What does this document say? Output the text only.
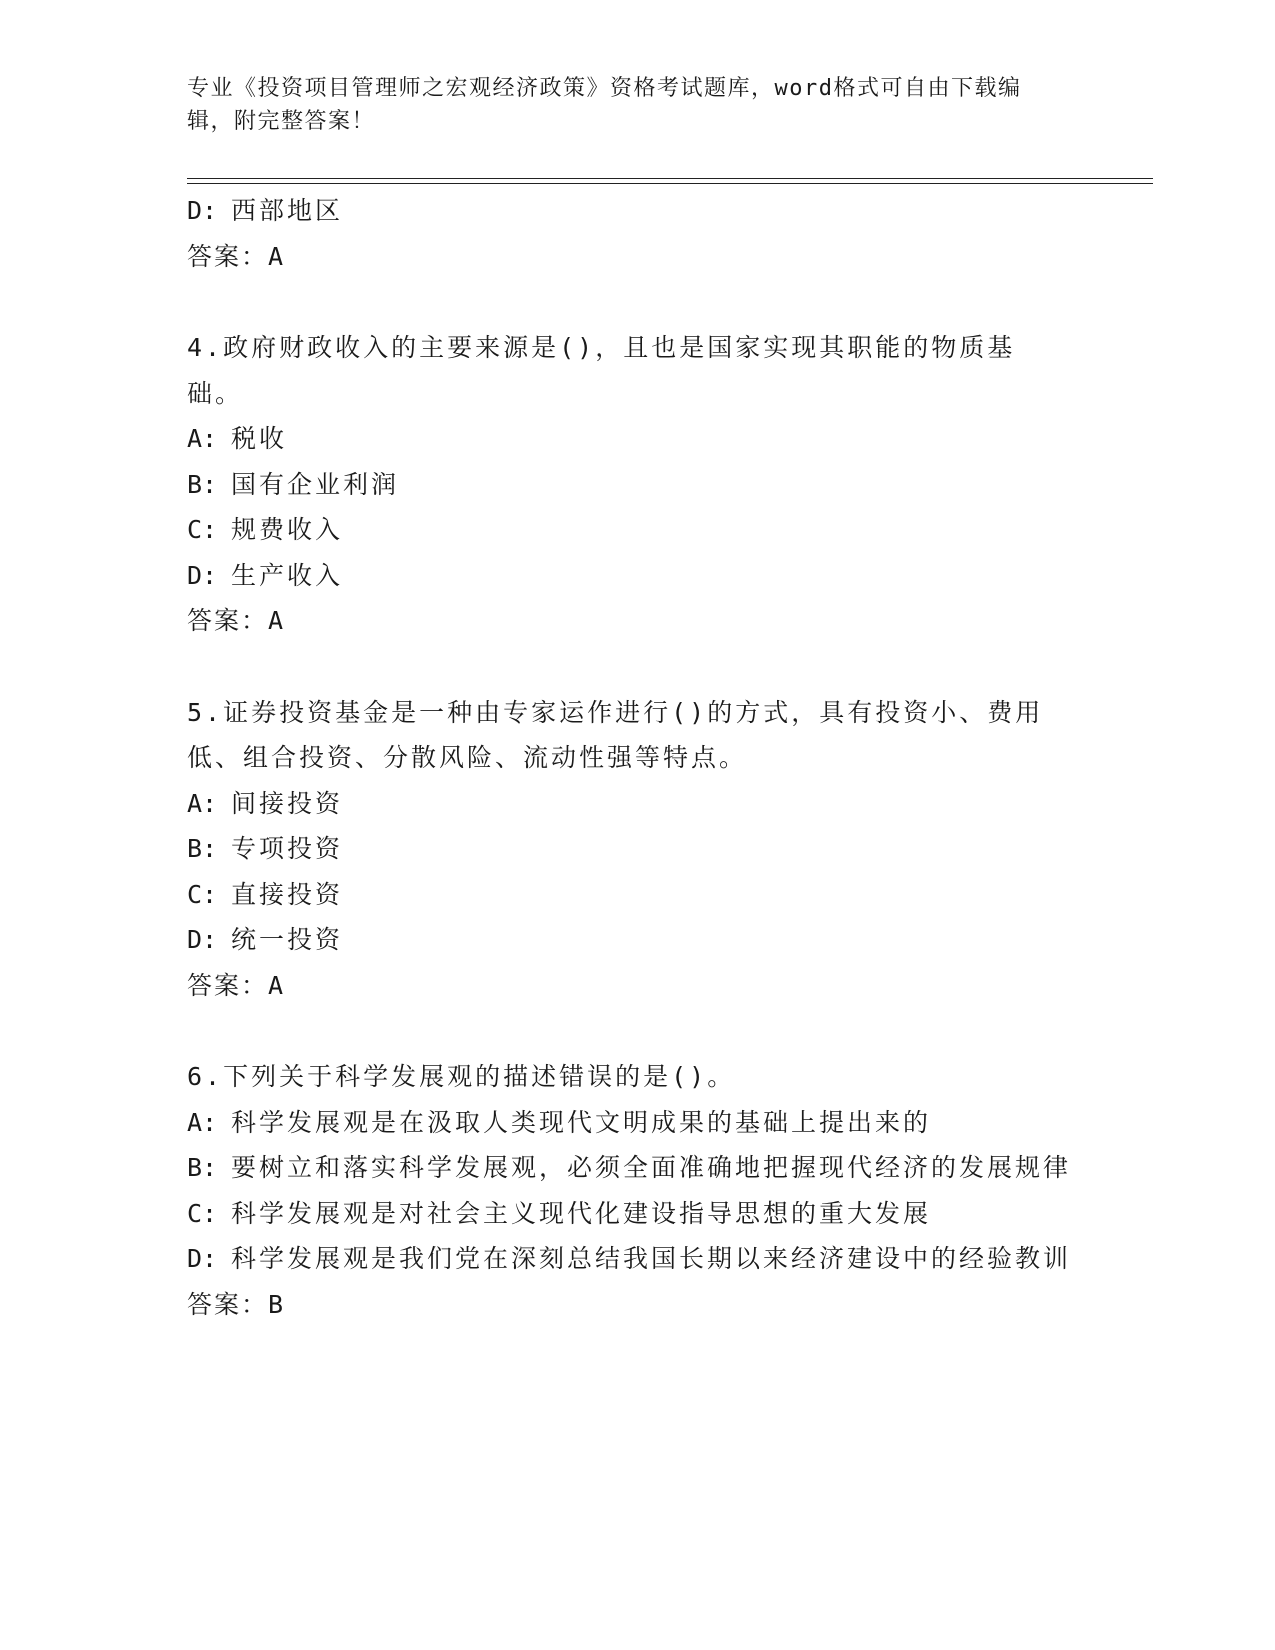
专业《投资项目管理师之宏观经济政策》资格考试题库，word格式可自由下载编辑，附完整答案！
D: 西部地区
答案：A
4.政府财政收入的主要来源是()，且也是国家实现其职能的物质基础。
A: 税收
B: 国有企业利润
C: 规费收入
D: 生产收入
答案：A
5.证券投资基金是一种由专家运作进行()的方式，具有投资小、费用低、组合投资、分散风险、流动性强等特点。
A: 间接投资
B: 专项投资
C: 直接投资
D: 统一投资
答案：A
6.下列关于科学发展观的描述错误的是()。
A: 科学发展观是在汲取人类现代文明成果的基础上提出来的
B: 要树立和落实科学发展观，必须全面准确地把握现代经济的发展规律
C: 科学发展观是对社会主义现代化建设指导思想的重大发展
D: 科学发展观是我们党在深刻总结我国长期以来经济建设中的经验教训
答案：B
